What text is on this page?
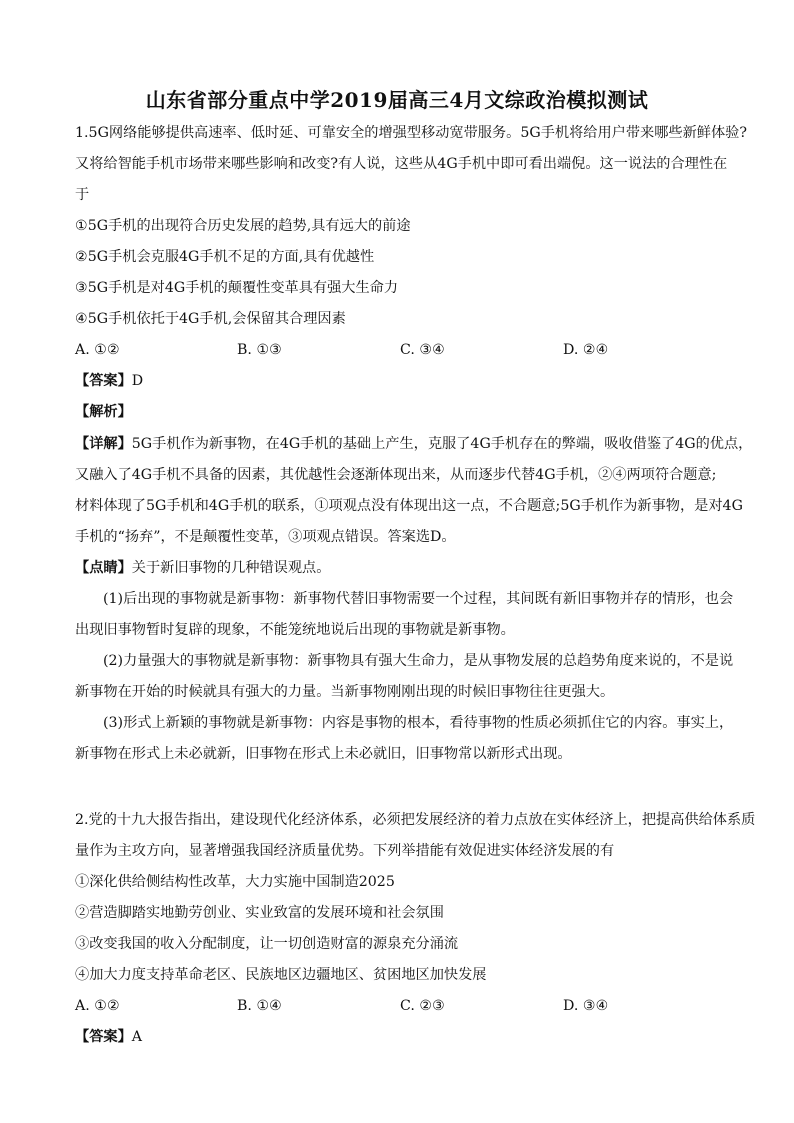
山东省部分重点中学2019届高三4月文综政治模拟测试
1.5G网络能够提供高速率、低时延、可靠安全的增强型移动宽带服务。5G手机将给用户带来哪些新鲜体验?
又将给智能手机市场带来哪些影响和改变?有人说，这些从4G手机中即可看出端倪。这一说法的合理性在
于
①5G手机的出现符合历史发展的趋势,具有远大的前途
②5G手机会克服4G手机不足的方面,具有优越性
③5G手机是对4G手机的颠覆性变革具有强大生命力
④5G手机依托于4G手机,会保留其合理因素
A. ①②	B. ①③	C. ③④	D. ②④
【答案】D
【解析】
【详解】5G手机作为新事物，在4G手机的基础上产生，克服了4G手机存在的弊端，吸收借鉴了4G的优点，
又融入了4G手机不具备的因素，其优越性会逐渐体现出来，从而逐步代替4G手机，②④两项符合题意;
材料体现了5G手机和4G手机的联系，①项观点没有体现出这一点，不合题意;5G手机作为新事物，是对4G
手机的“扬弃”，不是颠覆性变革，③项观点错误。答案选D。
【点睛】关于新旧事物的几种错误观点。
(1)后出现的事物就是新事物：新事物代替旧事物需要一个过程，其间既有新旧事物并存的情形，也会
出现旧事物暂时复辟的现象，不能笼统地说后出现的事物就是新事物。
(2)力量强大的事物就是新事物：新事物具有强大生命力，是从事物发展的总趋势角度来说的，不是说
新事物在开始的时候就具有强大的力量。当新事物刚刚出现的时候旧事物往往更强大。
(3)形式上新颖的事物就是新事物：内容是事物的根本，看待事物的性质必须抓住它的内容。事实上，
新事物在形式上未必就新，旧事物在形式上未必就旧，旧事物常以新形式出现。
2.党的十九大报告指出，建设现代化经济体系，必须把发展经济的着力点放在实体经济上，把提高供给体系质
量作为主攻方向，显著增强我国经济质量优势。下列举措能有效促进实体经济发展的有
①深化供给侧结构性改革，大力实施中国制造2025
②营造脚踏实地勤劳创业、实业致富的发展环境和社会氛围
③改变我国的收入分配制度，让一切创造财富的源泉充分涌流
④加大力度支持革命老区、民族地区边疆地区、贫困地区加快发展
A. ①②	B. ①④	C. ②③	D. ③④
【答案】A
